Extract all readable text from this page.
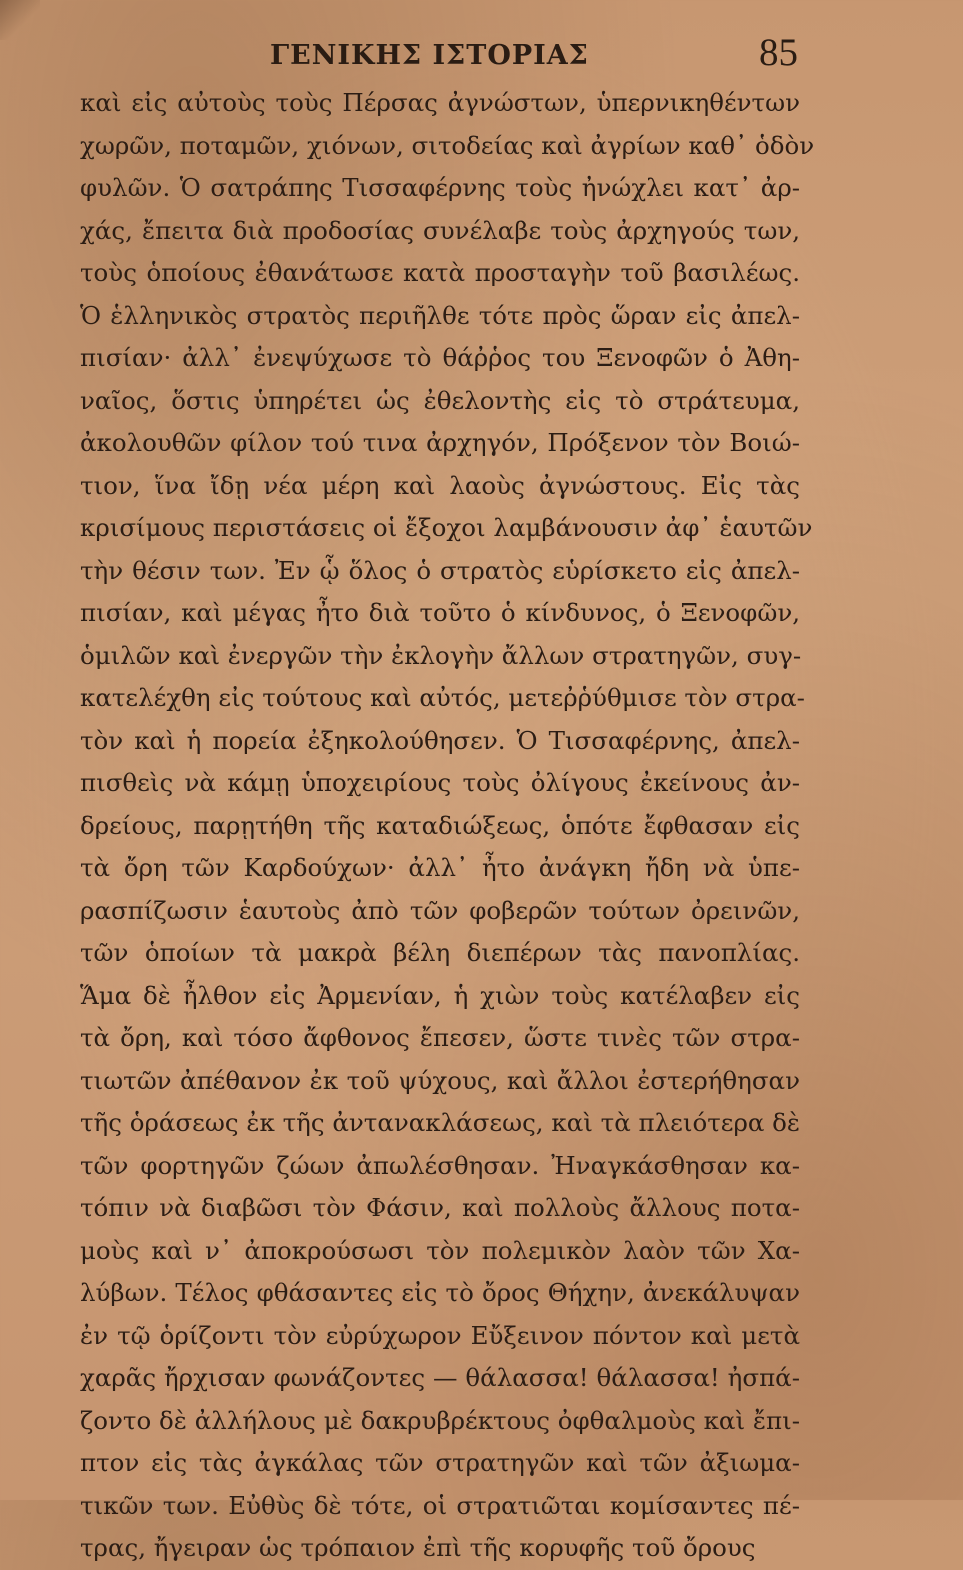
ΓΕΝΙΚΗΣ ΙΣΤΟΡΙΑΣ	85
καὶ εἰς αὐτοὺς τοὺς Πέρσας ἀγνώστων, ὑπερνικηθέντων
χωρῶν, ποταμῶν, χιόνων, σιτοδείας καὶ ἀγρίων καθ᾽ ὁδὸν
φυλῶν. Ὁ σατράπης Τισσαφέρνης τοὺς ἠνώχλει κατ᾽ ἀρ-
χάς, ἔπειτα διὰ προδοσίας συνέλαβε τοὺς ἀρχηγούς των,
τοὺς ὁποίους ἐθανάτωσε κατὰ προσταγὴν τοῦ βασιλέως.
Ὁ ἑλληνικὸς στρατὸς περιῆλθε τότε πρὸς ὥραν εἰς ἀπελ-
πισίαν· ἀλλ᾽ ἐνεψύχωσε τὸ θάῤῥος του Ξενοφῶν ὁ Ἀθη-
ναῖος, ὅστις ὑπηρέτει ὡς ἐθελοντὴς εἰς τὸ στράτευμα,
ἀκολουθῶν φίλον τού τινα ἀρχηγόν, Πρόξενον τὸν Βοιώ-
τιον, ἵνα ἴδῃ νέα μέρη καὶ λαοὺς ἀγνώστους. Εἰς τὰς
κρισίμους περιστάσεις οἱ ἔξοχοι λαμβάνουσιν ἀφ᾽ ἑαυτῶν
τὴν θέσιν των. Ἐν ᾧ ὅλος ὁ στρατὸς εὑρίσκετο εἰς ἀπελ-
πισίαν, καὶ μέγας ἦτο διὰ τοῦτο ὁ κίνδυνος, ὁ Ξενοφῶν,
ὁμιλῶν καὶ ἐνεργῶν τὴν ἐκλογὴν ἄλλων στρατηγῶν, συγ-
κατελέχθη εἰς τούτους καὶ αὐτός, μετεῤῥύθμισε τὸν στρα-
τὸν καὶ ἡ πορεία ἐξηκολούθησεν. Ὁ Τισσαφέρνης, ἀπελ-
πισθεὶς νὰ κάμῃ ὑποχειρίους τοὺς ὀλίγους ἐκείνους ἀν-
δρείους, παρῃτήθη τῆς καταδιώξεως, ὁπότε ἔφθασαν εἰς
τὰ ὄρη τῶν Καρδούχων· ἀλλ᾽ ἦτο ἀνάγκη ἤδη νὰ ὑπε-
ρασπίζωσιν ἑαυτοὺς ἀπὸ τῶν φοβερῶν τούτων ὀρεινῶν,
τῶν ὁποίων τὰ μακρὰ βέλη διεπέρων τὰς πανοπλίας.
Ἅμα δὲ ἦλθον εἰς Ἀρμενίαν, ἡ χιὼν τοὺς κατέλαβεν εἰς
τὰ ὄρη, καὶ τόσο ἄφθονος ἔπεσεν, ὥστε τινὲς τῶν στρα-
τιωτῶν ἀπέθανον ἐκ τοῦ ψύχους, καὶ ἄλλοι ἐστερήθησαν
τῆς ὁράσεως ἐκ τῆς ἀντανακλάσεως, καὶ τὰ πλειότερα δὲ
τῶν φορτηγῶν ζώων ἀπωλέσθησαν. Ἠναγκάσθησαν κα-
τόπιν νὰ διαβῶσι τὸν Φάσιν, καὶ πολλοὺς ἄλλους ποτα-
μοὺς καὶ ν᾽ ἀποκρούσωσι τὸν πολεμικὸν λαὸν τῶν Χα-
λύβων. Τέλος φθάσαντες εἰς τὸ ὄρος Θήχην, ἀνεκάλυψαν
ἐν τῷ ὁρίζοντι τὸν εὐρύχωρον Εὔξεινον πόντον καὶ μετὰ
χαρᾶς ἤρχισαν φωνάζοντες — θάλασσα! θάλασσα! ἠσπά-
ζοντο δὲ ἀλλήλους μὲ δακρυβρέκτους ὀφθαλμοὺς καὶ ἔπι-
πτον εἰς τὰς ἀγκάλας τῶν στρατηγῶν καὶ τῶν ἀξιωμα-
τικῶν των. Εὐθὺς δὲ τότε, οἱ στρατιῶται κομίσαντες πέ-
τρας, ἤγειραν ὡς τρόπαιον ἐπὶ τῆς κορυφῆς τοῦ ὄρους
